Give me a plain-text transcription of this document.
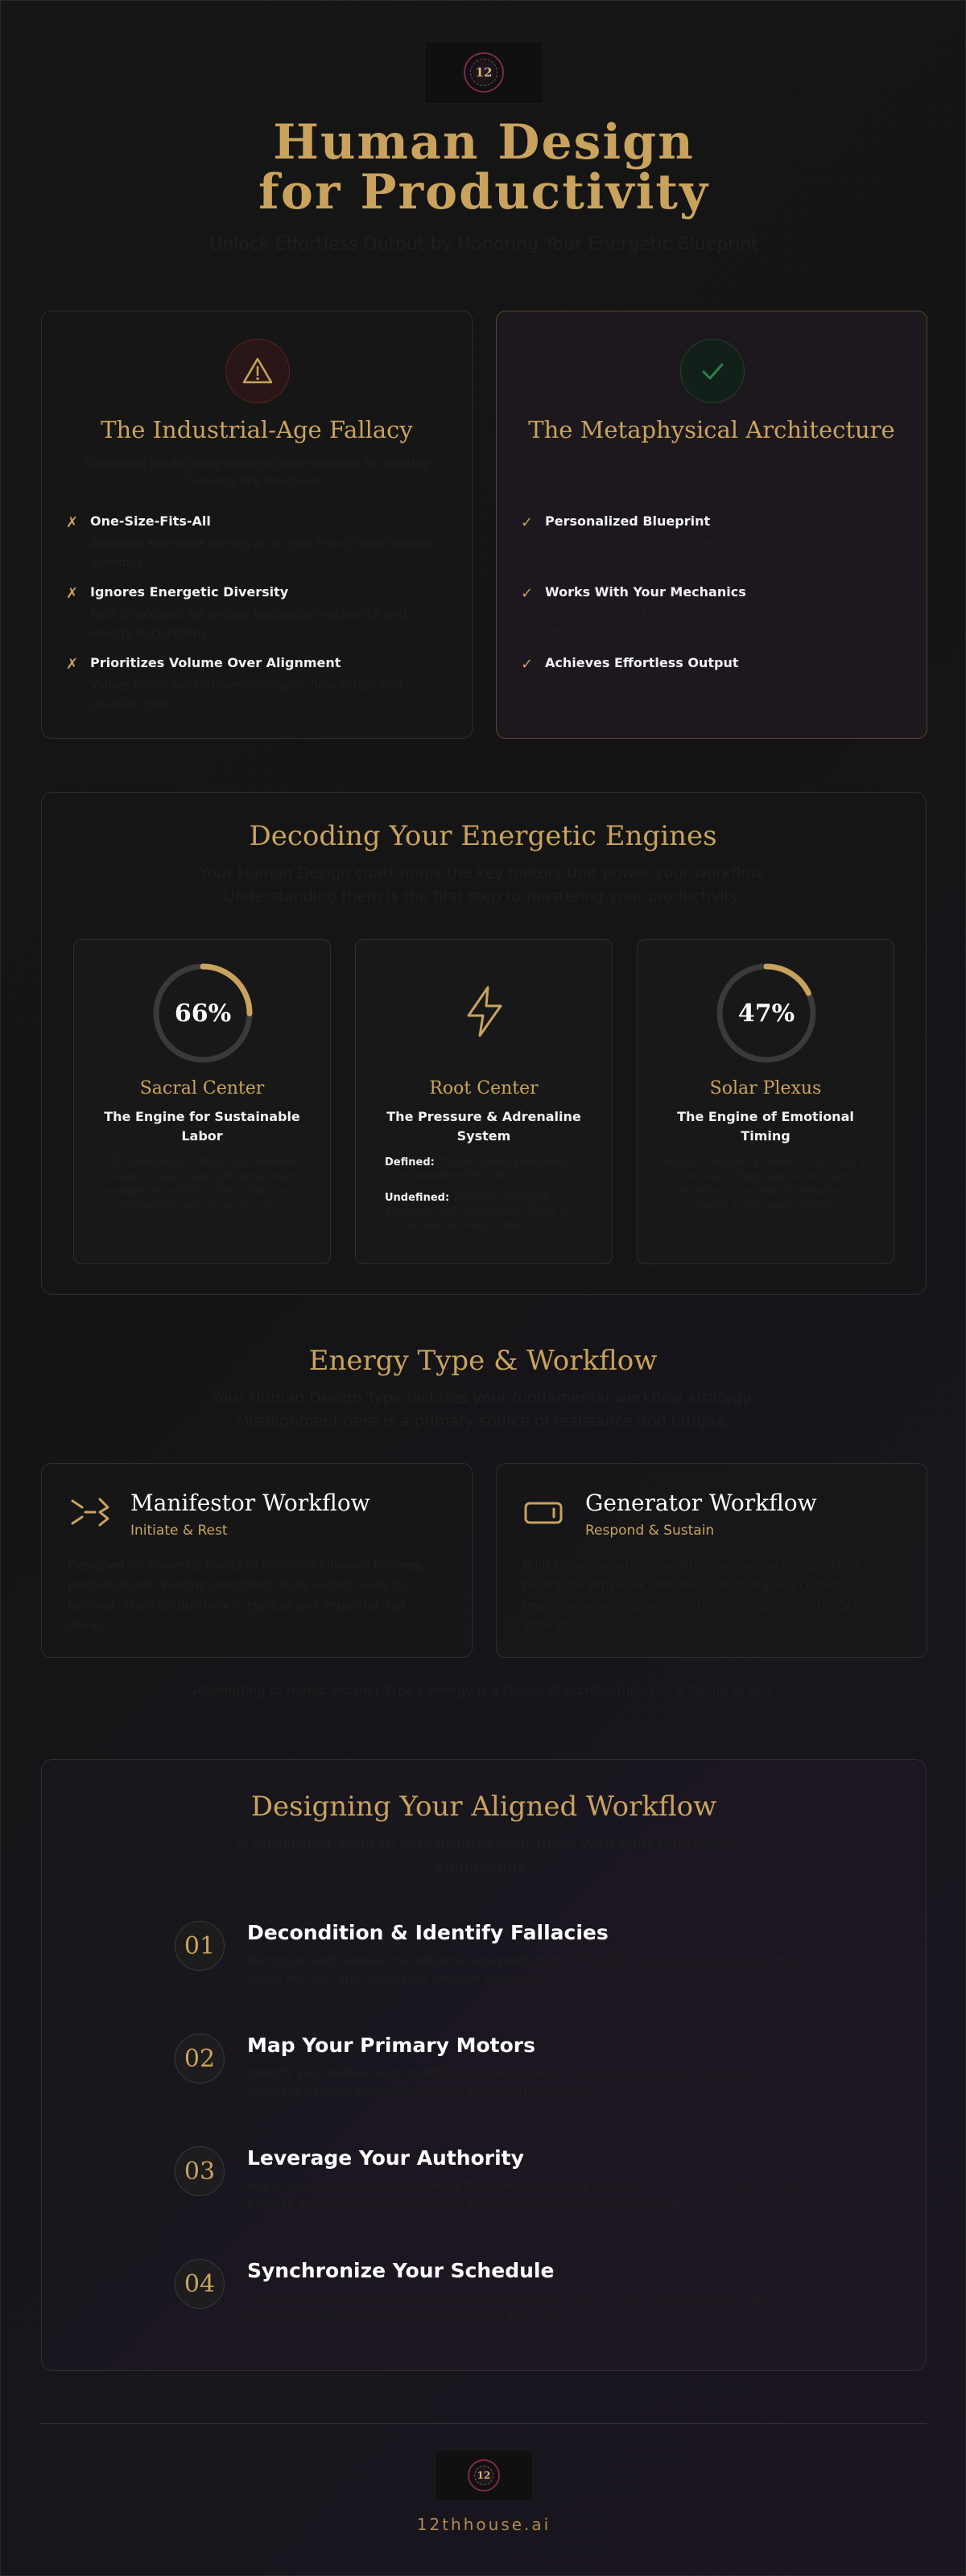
12
Human Design for Productivity
Unlock Effortless Output by Honoring Your Energetic Blueprint
The Industrial-Age Fallacy
Traditional productivity models cause burnout by treating humans like machines.
✗ One-Size-Fits-All
Assumes everyone thrives on a rigid 9-to-5 linear output schedule.
✗ Ignores Energetic Diversity
Fails to account for unique biological mechanics and energy fluctuations.
✗ Prioritizes Volume Over Alignment
Values hours worked over energetic flow states and creative gifts.
The Metaphysical Architecture
Human Design provides a personalized framework for peak performance.
✓ Personalized Blueprint
Honors your unique energetic signature and natural workflow rhythms.
✓ Works With Your Mechanics
Leverages your body's specific design for sustainable effort.
✓ Achieves Effortless Output
Reduces friction and creates output that feels natural and aligned.
Decoding Your Energetic Engines
Your Human Design chart maps the key motors that power your workflow.
Understanding them is the first step to mastering your productivity.
66%
Sacral Center
The Engine for Sustainable Labor
For Generators & MGs, this provides steady, tireless work. Its force when engaged in satisfying tasks that say is responding with a sacral "yes."
Root Center
The Pressure & Adrenaline System
Defined: Thrives under pressure, using deadlines as fuel.
Undefined: Amplifies external pressure, feels rushed and tends to rushed task anxiety slows.
47%
Solar Plexus
The Engine of Emotional Timing
With this authority, there is "no truth in the now." Deep work and major decisions must wait for emotional clarity as the wave settles.
Energy Type & Workflow
Your Human Design Type dictates your fundamental workflow strategy.
Misalignment here is a primary source of resistance and fatigue.
Manifestor Workflow
Initiate & Rest
Designed for powerful bursts of initiation followed by deep periods of rest. Forcing consistent, daily output leads to burnout. Their productivity is cyclical and impactful, not linear.
Generator Workflow
Respond & Sustain
Built for sustainable, day-after-day mental energy. Their key is to engage with work that feels satisfying and correct in response, which replenishes their energy. Consistency is their strength.
Attempting to mimic another Type's energy is a failure of architecture, not a failure of will.
Designing Your Aligned Workflow
A structured audit to synchronize your tasks with your energetic
architecture.
01	Decondition & Identify Fallacies
Recognize and release the industrial-age productivity "shoulds" and societal pressures that cause burnout and cloud your creative channels.
02	Map Your Primary Motors
Identify your defined and undefined Sacral and Root centers to understand how your body naturally handles sustainable effort and external pressure.
03	Leverage Your Authority
Apply your unique decision-making framework (Strategy & Authority) to your project intake process. Ensure every commitment aligns with your energetic signature.
04	Synchronize Your Schedule
Conduct a structured audit of your current to-do list, synchronizing tasks with your specific energetic engines for maximum efficiency and flow.
12
12thhouse.ai
